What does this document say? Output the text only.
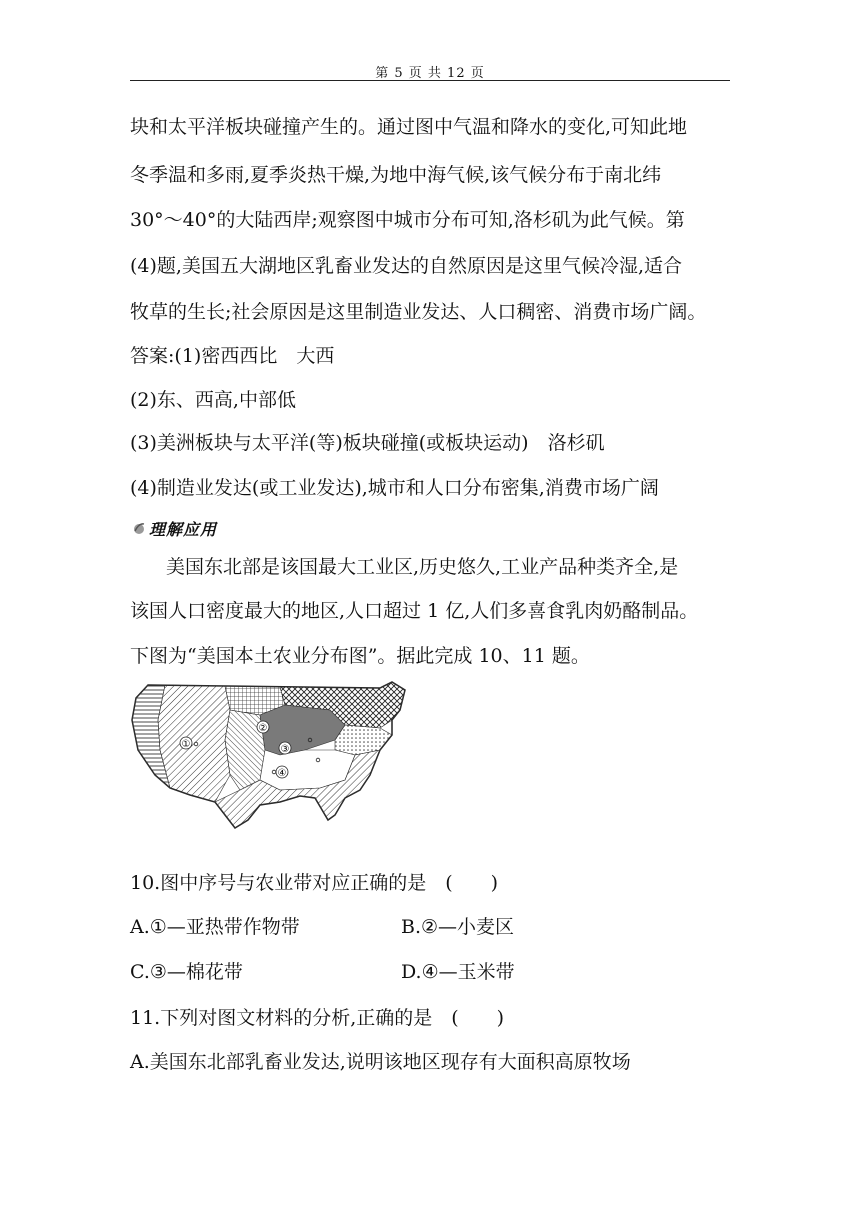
第 5 页 共 12 页
块和太平洋板块碰撞产生的。通过图中气温和降水的变化,可知此地
冬季温和多雨,夏季炎热干燥,为地中海气候,该气候分布于南北纬
30°～40°的大陆西岸;观察图中城市分布可知,洛杉矶为此气候。第
(4)题,美国五大湖地区乳畜业发达的自然原因是这里气候冷湿,适合
牧草的生长;社会原因是这里制造业发达、人口稠密、消费市场广阔。
答案:(1)密西西比　大西
(2)东、西高,中部低
(3)美洲板块与太平洋(等)板块碰撞(或板块运动)　洛杉矶
(4)制造业发达(或工业发达),城市和人口分布密集,消费市场广阔
理解应用
美国东北部是该国最大工业区,历史悠久,工业产品种类齐全,是
该国人口密度最大的地区,人口超过 1 亿,人们多喜食乳肉奶酪制品。
下图为“美国本土农业分布图”。据此完成 10、11 题。
①
②
③
④
10.图中序号与农业带对应正确的是　(　　)
A.①—亚热带作物带	B.②—小麦区
C.③—棉花带	D.④—玉米带
11.下列对图文材料的分析,正确的是　(　　)
A.美国东北部乳畜业发达,说明该地区现存有大面积高原牧场
